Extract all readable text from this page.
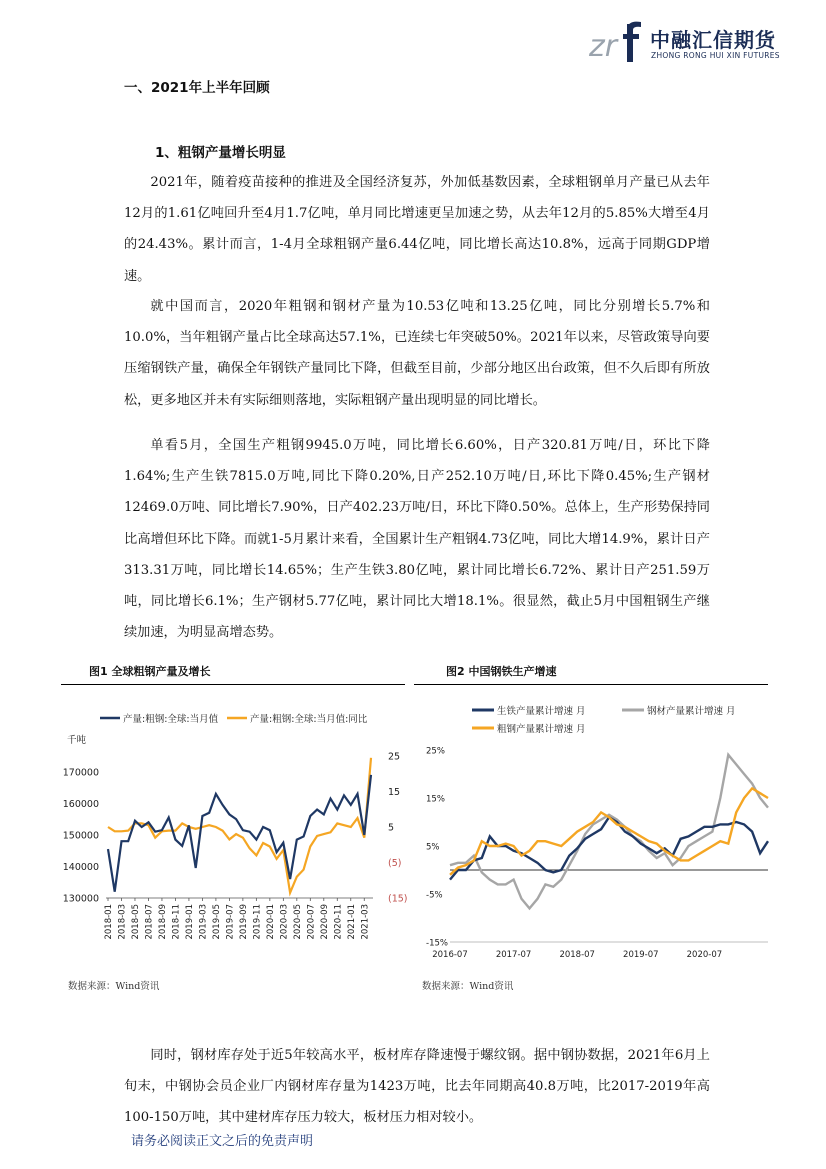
zr 中融汇信期货
ZHONG RONG HUI XIN FUTURES
一、2021年上半年回顾
1、粗钢产量增长明显

2021年，随着疫苗接种的推进及全国经济复苏，外加低基数因素，全球粗钢单月产量已从去年12月的1.61亿吨回升至4月1.7亿吨，单月同比增速更呈加速之势，从去年12月的5.85%大增至4月的24.43%。累计而言，1-4月全球粗钢产量6.44亿吨，同比增长高达10.8%，远高于同期GDP增速。

就中国而言，2020年粗钢和钢材产量为10.53亿吨和13.25亿吨，同比分别增长5.7%和10.0%，当年粗钢产量占比全球高达57.1%，已连续七年突破50%。2021年以来，尽管政策导向要压缩钢铁产量，确保全年钢铁产量同比下降，但截至目前，少部分地区出台政策，但不久后即有所放松，更多地区并未有实际细则落地，实际粗钢产量出现明显的同比增长。

单看5月，全国生产粗钢9945.0万吨，同比增长6.60%，日产320.81万吨/日，环比下降1.64%;生产生铁7815.0万吨,同比下降0.20%,日产252.10万吨/日,环比下降0.45%;生产钢材12469.0万吨、同比增长7.90%，日产402.23万吨/日，环比下降0.50%。总体上，生产形势保持同比高增但环比下降。而就1-5月累计来看，全国累计生产粗钢4.73亿吨，同比大增14.9%，累计日产313.31万吨，同比增长14.65%；生产生铁3.80亿吨，累计同比增长6.72%、累计日产251.59万吨，同比增长6.1%；生产钢材5.77亿吨，累计同比大增18.1%。很显然，截止5月中国粗钢生产继续加速，为明显高增态势。

图1 全球粗钢产量及增长	图2 中国钢铁生产增速
产量:粗钢:全球:当月值	产量:粗钢:全球:当月值:同比
千吨
170000
160000
150000
140000
130000
25
15
5
(5)
(15)
2018-01 2018-03 2018-05 2018-07 2018-09 2018-11 2019-01 2019-03 2019-05 2019-07 2019-09 2019-11 2020-01 2020-03 2020-05 2020-07 2020-09 2020-11 2021-01 2021-03
生铁产量累计增速 月	钢材产量累计增速 月
粗钢产量累计增速 月
25%
15%
5%
-5%
-15%
2016-07	2017-07	2018-07	2019-07	2020-07
数据来源：Wind资讯	数据来源：Wind资讯

同时，钢材库存处于近5年较高水平，板材库存降速慢于螺纹钢。据中钢协数据，2021年6月上旬末，中钢协会员企业厂内钢材库存量为1423万吨，比去年同期高40.8万吨，比2017-2019年高100-150万吨，其中建材库存压力较大，板材压力相对较小。

请务必阅读正文之后的免责声明
